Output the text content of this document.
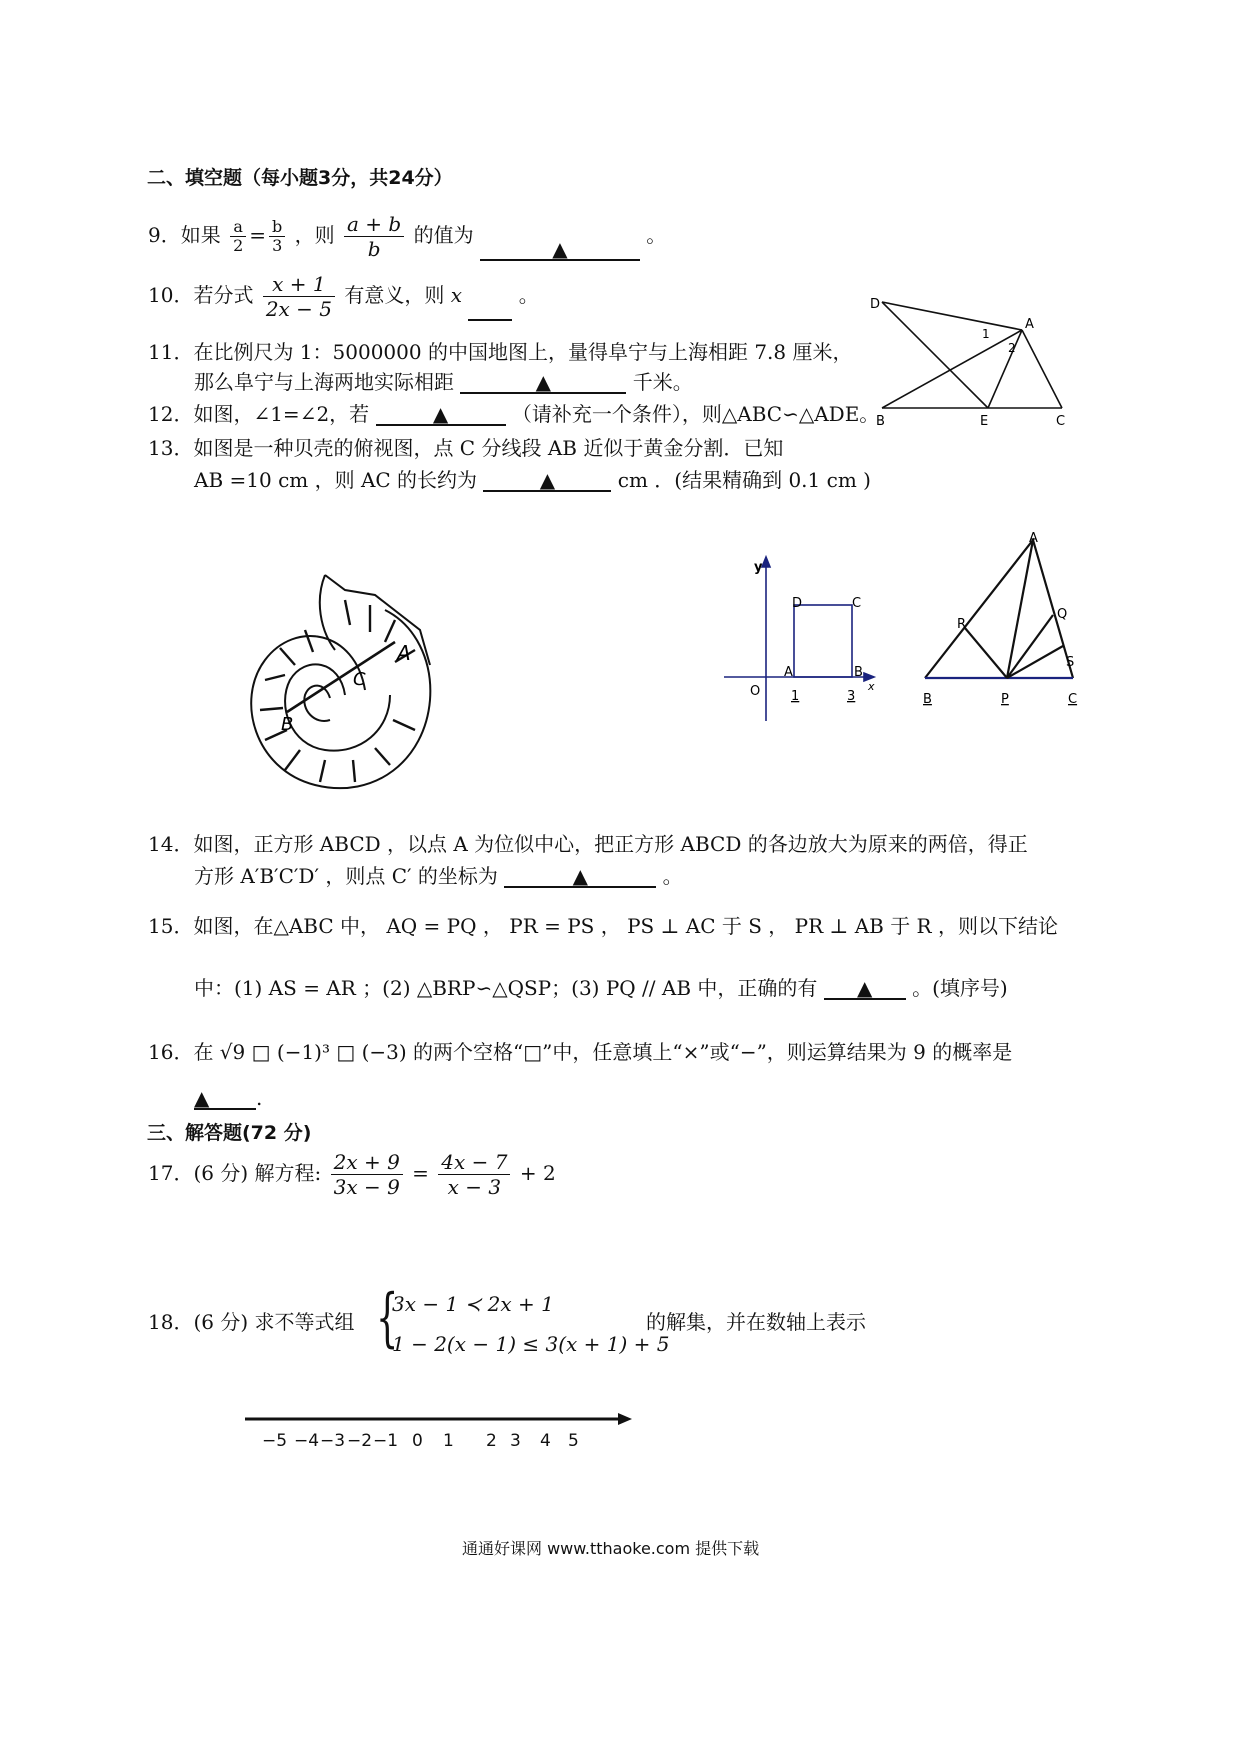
二、填空题（每小题3分，共24分）
9．如果 $\frac{a}{2} = \frac{b}{3}$ ，则 $\frac{a + b}{b}$ 的值为 ▲ 。
10．若分式 $\frac{x + 1}{2x - 5}$ 有意义，则 x	。
11．在比例尺为 1：5000000 的中国地图上，量得阜宁与上海相距 7.8 厘米，
那么阜宁与上海两地实际相距	▲	千米。
12．如图，∠1=∠2，若	▲	（请补充一个条件），则△ABC∽△ADE。
13．如图是一种贝壳的俯视图，点 C 分线段 AB 近似于黄金分割．已知
AB =10 cm ，则 AC 的长约为	▲	cm ．(结果精确到 0.1 cm )
D
A
1
2
B	E	C
A
C
B
y
D	C
A	B
O 1	3
x
A
R
Q
S
B	P	C
14．如图，正方形 ABCD ，以点 A 为位似中心，把正方形 ABCD 的各边放大为原来的两倍，得正
方形 A′B′C′D′ ，则点 C′ 的坐标为	▲	。
15．如图，在△ABC 中， AQ = PQ ， PR = PS ， PS ⊥ AC 于 S ， PR ⊥ AB 于 R ，则以下结论
中：(1) AS = AR ；(2) △BRP∽△QSP；(3) PQ // AB 中，正确的有 ▲ 。(填序号)
16．在 √9 □ (−1)³ □ (−3) 的两个空格“□”中，任意填上“×”或“−”，则运算结果为 9 的概率是
▲ .
三、解答题(72 分)
17．(6 分) 解方程: $\frac{2x + 9}{3x - 9} = \frac{4x - 7}{x - 3} + 2$
18．(6 分) 求不等式组 {
3x − 1 ≺ 2x + 1
1 − 2(x − 1) ≤ 3(x + 1) + 5
的解集，并在数轴上表示
−5 −4 −3 −2 −1 0 1 2 3 4 5
通通好课网 www.tthaoke.com 提供下载
